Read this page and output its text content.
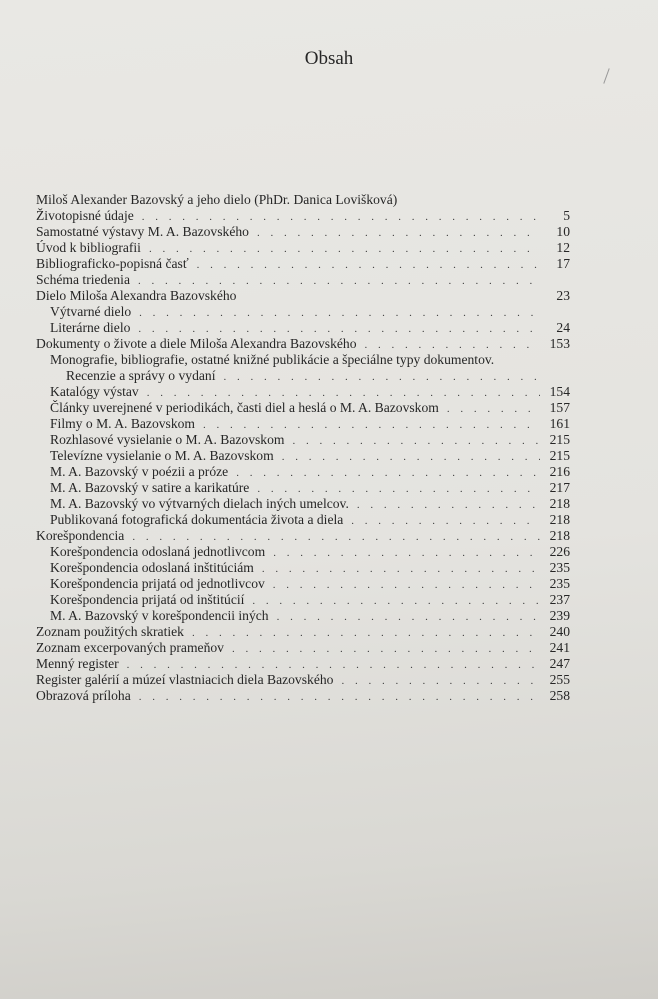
Obsah
Miloš Alexander Bazovský a jeho dielo (PhDr. Danica Lovišková)
Životopisné údaje . . .	5
Samostatné výstavy M. A. Bazovského . . .	10
Úvod k bibliografii . . .	12
Bibliograficko-popisná časť . . .	17
Schéma triedenia
. . .
Dielo Miloša Alexandra Bazovského	23
Výtvarné dielo
. . .
Literárne dielo . . .	24
Dokumenty o živote a diele Miloša Alexandra Bazovského . . .	153
Monografie, bibliografie, ostatné knižné publikácie a špeciálne typy dokumentov.
Recenzie a správy o vydaní
. . .
Katalógy výstav . . .	154
Články uverejnené v periodikách, časti diel a heslá o M. A. Bazovskom . . .	157
Filmy o M. A. Bazovskom . . .	161
Rozhlasové vysielanie o M. A. Bazovskom . . .	215
Televízne vysielanie o M. A. Bazovskom . . .	215
M. A. Bazovský v poézii a próze . . .	216
M. A. Bazovský v satire a karikatúre . . .	217
M. A. Bazovský vo výtvarných dielach iných umelcov. . . .	218
Publikovaná fotografická dokumentácia života a diela . . .	218
Korešpondencia . . .	218
Korešpondencia odoslaná jednotlivcom . . .	226
Korešpondencia odoslaná inštitúciám . . .	235
Korešpondencia prijatá od jednotlivcov . . .	235
Korešpondencia prijatá od inštitúcií . . .	237
M. A. Bazovský v korešpondencii iných . . .	239
Zoznam použitých skratiek . . .	240
Zoznam excerpovaných prameňov . . .	241
Menný register . . .	247
Register galérií a múzeí vlastniacich diela Bazovského . . .	255
Obrazová príloha . . .	258
